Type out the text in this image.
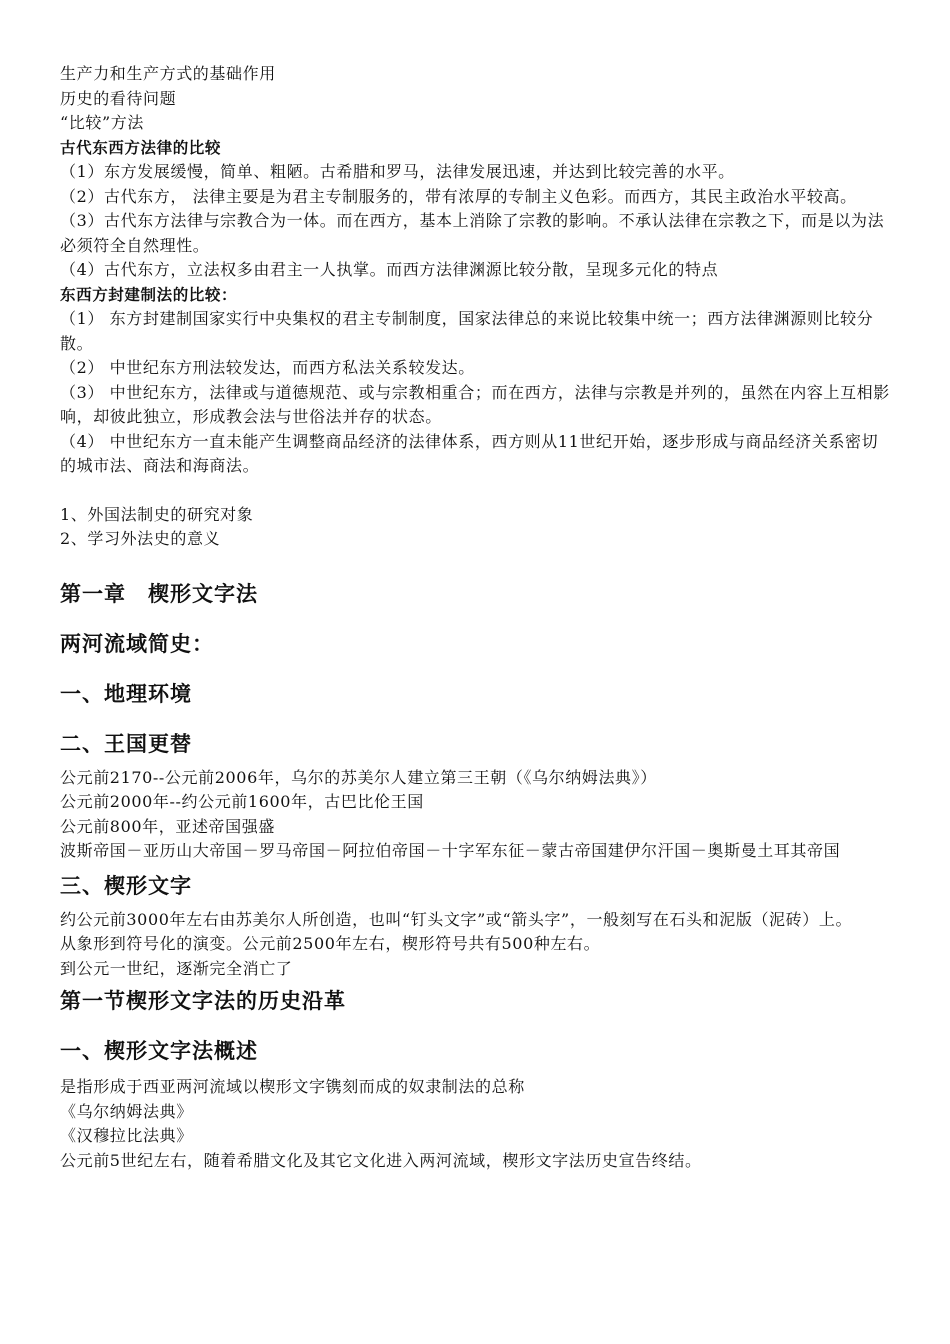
生产力和生产方式的基础作用
历史的看待问题
“比较”方法
古代东西方法律的比较
（1）东方发展缓慢，简单、粗陋。古希腊和罗马，法律发展迅速，并达到比较完善的水平。
（2）古代东方， 法律主要是为君主专制服务的，带有浓厚的专制主义色彩。而西方，其民主政治水平较高。
（3）古代东方法律与宗教合为一体。而在西方，基本上消除了宗教的影响。不承认法律在宗教之下，而是以为法必须符全自然理性。
（4）古代东方，立法权多由君主一人执掌。而西方法律渊源比较分散，呈现多元化的特点
东西方封建制法的比较：
（1） 东方封建制国家实行中央集权的君主专制制度，国家法律总的来说比较集中统一；西方法律渊源则比较分散。
（2） 中世纪东方刑法较发达，而西方私法关系较发达。
（3） 中世纪东方，法律或与道德规范、或与宗教相重合；而在西方，法律与宗教是并列的，虽然在内容上互相影响，却彼此独立，形成教会法与世俗法并存的状态。
（4） 中世纪东方一直未能产生调整商品经济的法律体系，西方则从11世纪开始，逐步形成与商品经济关系密切的城市法、商法和海商法。
1、外国法制史的研究对象
2、学习外法史的意义
第一章　楔形文字法
两河流域简史：
一、地理环境
二、王国更替
公元前2170--公元前2006年，乌尔的苏美尔人建立第三王朝（《乌尔纳姆法典》）
公元前2000年--约公元前1600年，古巴比伦王国
公元前800年，亚述帝国强盛
波斯帝国－亚历山大帝国－罗马帝国－阿拉伯帝国－十字军东征－蒙古帝国建伊尔汗国－奥斯曼土耳其帝国
三、楔形文字
约公元前3000年左右由苏美尔人所创造，也叫“钉头文字”或“箭头字”，一般刻写在石头和泥版（泥砖）上。
从象形到符号化的演变。公元前2500年左右，楔形符号共有500种左右。
到公元一世纪，逐渐完全消亡了
第一节楔形文字法的历史沿革
一、楔形文字法概述
是指形成于西亚两河流域以楔形文字镌刻而成的奴隶制法的总称
《乌尔纳姆法典》
《汉穆拉比法典》
公元前5世纪左右，随着希腊文化及其它文化进入两河流域，楔形文字法历史宣告终结。
